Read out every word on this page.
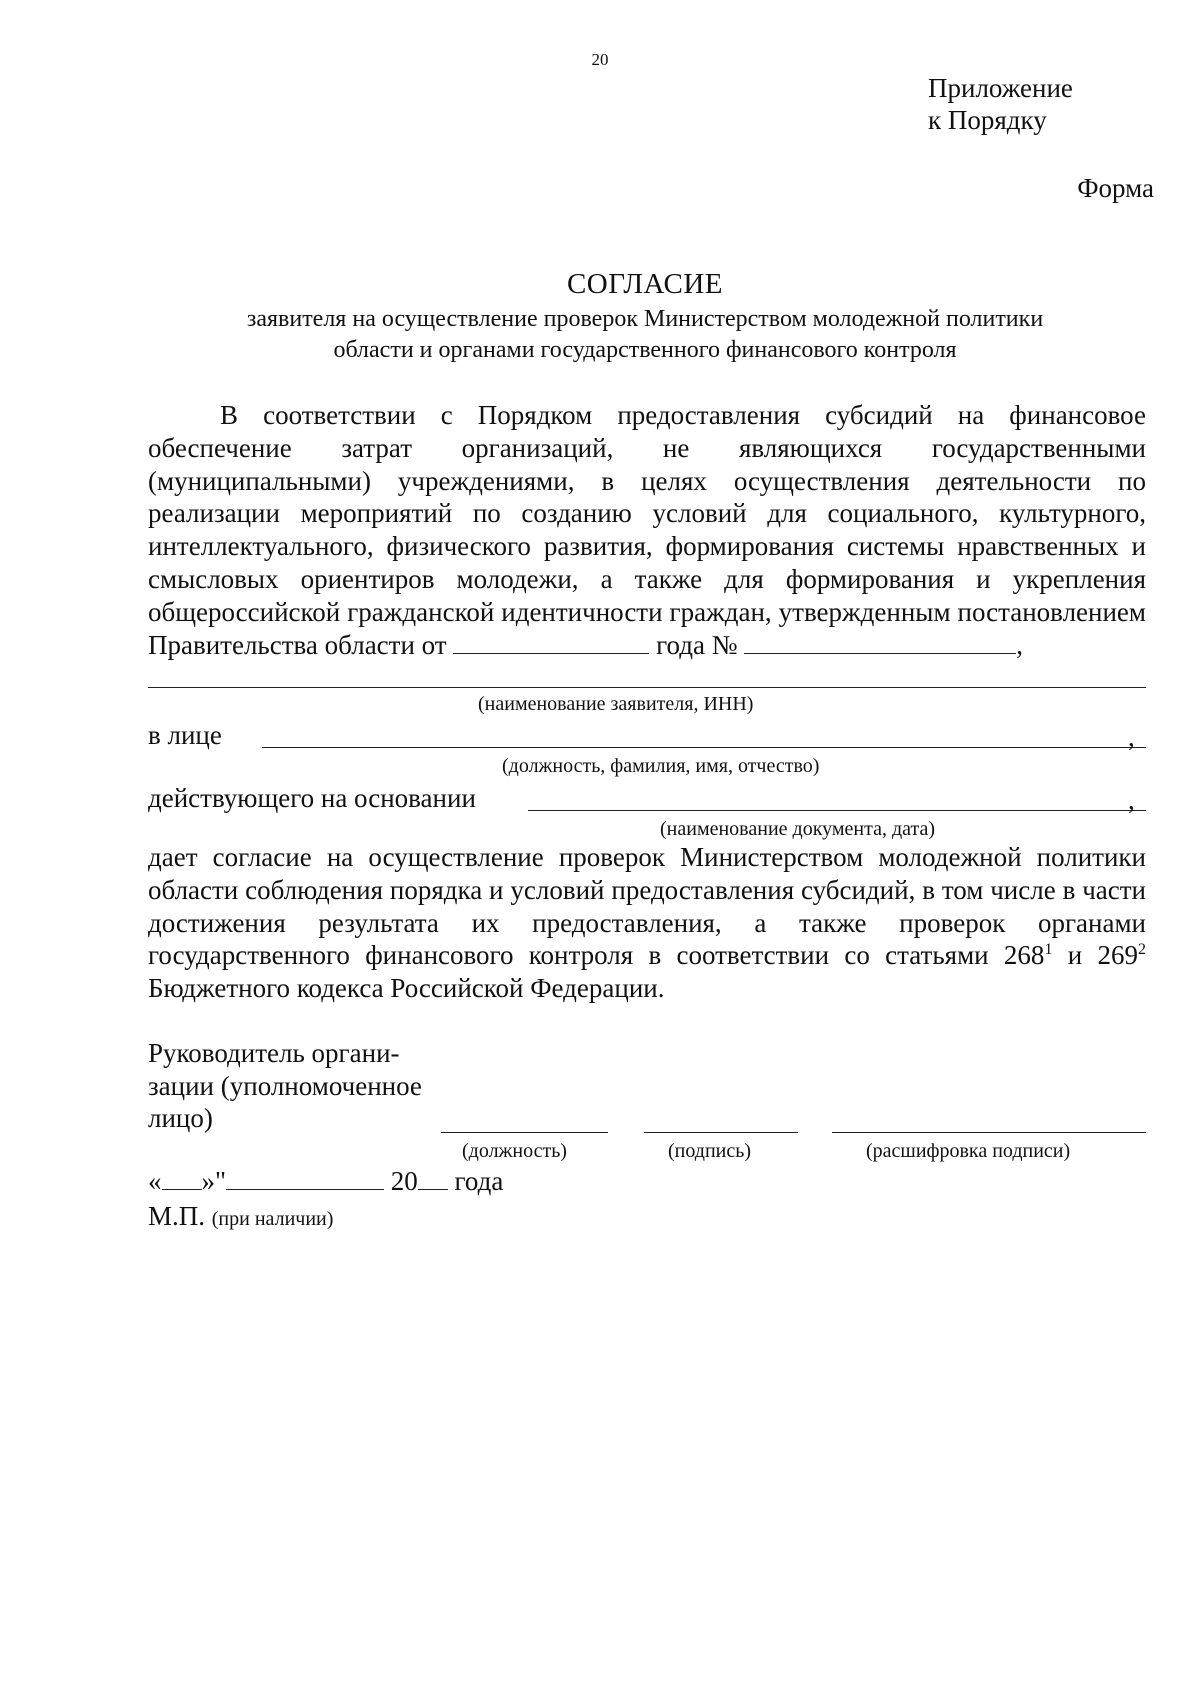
20
Приложение
к Порядку
Форма
СОГЛАСИЕ
заявителя на осуществление проверок Министерством молодежной политики
области и органами государственного финансового контроля
В соответствии с Порядком предоставления субсидий на финансовое обеспечение затрат организаций, не являющихся государственными (муниципальными) учреждениями, в целях осуществления деятельности по реализации мероприятий по созданию условий для социального, культурного, интеллектуального, физического развития, формирования системы нравственных и смысловых ориентиров молодежи, а также для формирования и укрепления общероссийской гражданской идентичности граждан, утвержденным постановлением Правительства области от	года №	,
(наименование заявителя, ИНН)
в лице	,
(должность, фамилия, имя, отчество)
действующего на основании	,
(наименование документа, дата)
дает согласие на осуществление проверок Министерством молодежной политики области соблюдения порядка и условий предоставления субсидий, в том числе в части достижения результата их предоставления, а также проверок органами государственного финансового контроля в соответствии со статьями $268^1$ и $269^2$ Бюджетного кодекса Российской Федерации.
Руководитель органи-
зации (уполномоченное
лицо)
(должность)	(подпись)	(расшифровка подписи)
« »"	20 года
М.П. (при наличии)
